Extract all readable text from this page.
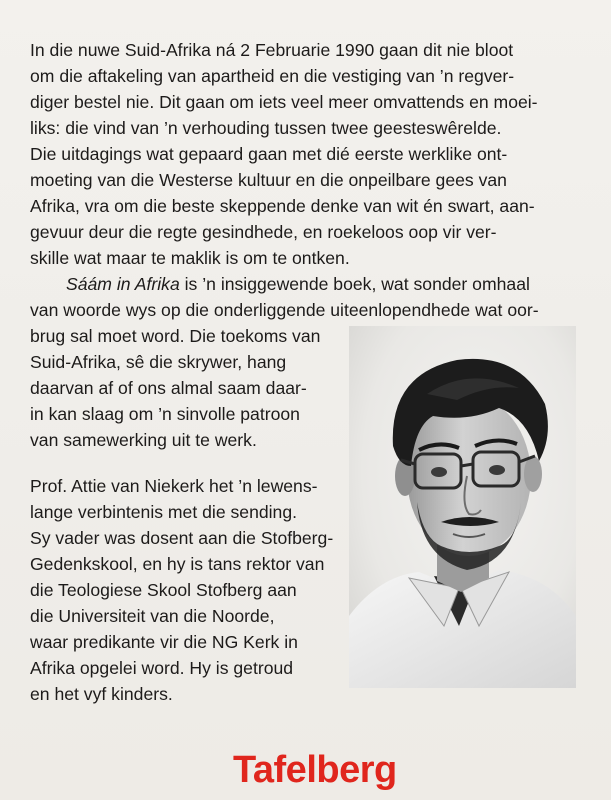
In die nuwe Suid-Afrika ná 2 Februarie 1990 gaan dit nie bloot
om die aftakeling van apartheid en die vestiging van ’n regver-
diger bestel nie. Dit gaan om iets veel meer omvattends en moei-
liks: die vind van ’n verhouding tussen twee geesteswêrelde.
Die uitdagings wat gepaard gaan met dié eerste werklike ont-
moeting van die Westerse kultuur en die onpeilbare gees van
Afrika, vra om die beste skeppende denke van wit én swart, aan-
gevuur deur die regte gesindhede, en roekeloos oop vir ver-
skille wat maar te maklik is om te ontken.
Sáám in Afrika is ’n insiggewende boek, wat sonder omhaal
van woorde wys op die onderliggende uiteenlopendhede wat oor-
brug sal moet word. Die toekoms van
Suid-Afrika, sê die skrywer, hang
daarvan af of ons almal saam daar-
in kan slaag om ’n sinvolle patroon
van samewerking uit te werk.
Prof. Attie van Niekerk het ’n lewens-
lange verbintenis met die sending.
Sy vader was dosent aan die Stofberg-
Gedenkskool, en hy is tans rektor van
die Teologiese Skool Stofberg aan
die Universiteit van die Noorde,
waar predikante vir die NG Kerk in
Afrika opgelei word. Hy is getroud
en het vyf kinders.
Tafelberg
